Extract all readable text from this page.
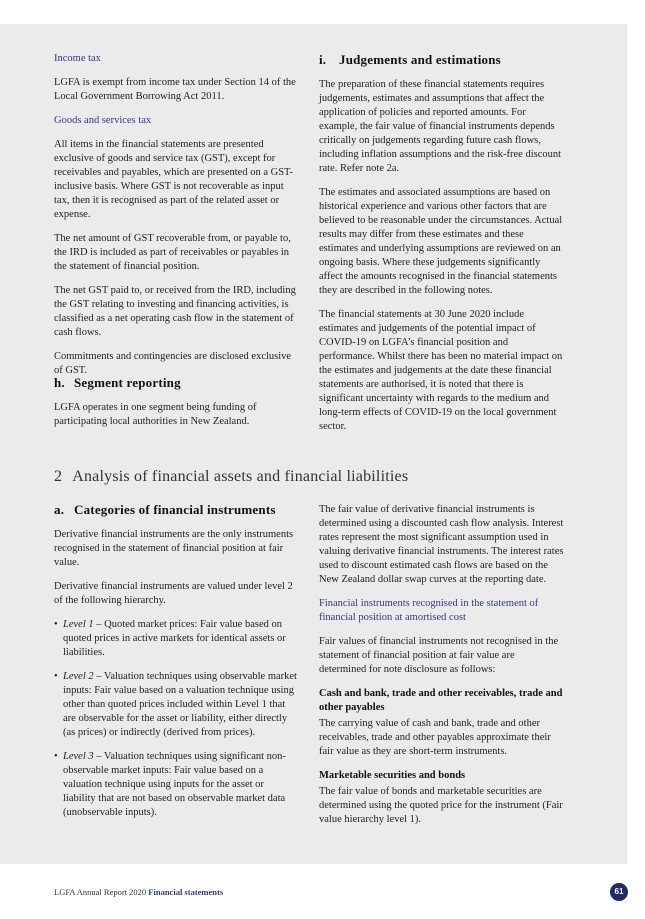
Income tax

LGFA is exempt from income tax under Section 14 of the Local Government Borrowing Act 2011.

Goods and services tax

All items in the financial statements are presented exclusive of goods and service tax (GST), except for receivables and payables, which are presented on a GST-inclusive basis. Where GST is not recoverable as input tax, then it is recognised as part of the related asset or expense.

The net amount of GST recoverable from, or payable to, the IRD is included as part of receivables or payables in the statement of financial position.

The net GST paid to, or received from the IRD, including the GST relating to investing and financing activities, is classified as a net operating cash flow in the statement of cash flows.

Commitments and contingencies are disclosed exclusive of GST.

h. Segment reporting

LGFA operates in one segment being funding of participating local authorities in New Zealand.

i. Judgements and estimations

The preparation of these financial statements requires judgements, estimates and assumptions that affect the application of policies and reported amounts. For example, the fair value of financial instruments depends critically on judgements regarding future cash flows, including inflation assumptions and the risk-free discount rate. Refer note 2a.

The estimates and associated assumptions are based on historical experience and various other factors that are believed to be reasonable under the circumstances. Actual results may differ from these estimates and these estimates and underlying assumptions are reviewed on an ongoing basis. Where these judgements significantly affect the amounts recognised in the financial statements they are described in the following notes.

The financial statements at 30 June 2020 include estimates and judgements of the potential impact of COVID-19 on LGFA’s financial position and performance. Whilst there has been no material impact on the estimates and judgements at the date these financial statements are authorised, it is noted that there is significant uncertainty with regards to the medium and long-term effects of COVID-19 on the local government sector.

2 Analysis of financial assets and financial liabilities
a. Categories of financial instruments

Derivative financial instruments are the only instruments recognised in the statement of financial position at fair value.

Derivative financial instruments are valued under level 2 of the following hierarchy.

• Level 1 – Quoted market prices: Fair value based on quoted prices in active markets for identical assets or liabilities.
• Level 2 – Valuation techniques using observable market inputs: Fair value based on a valuation technique using other than quoted prices included within Level 1 that are observable for the asset or liability, either directly (as prices) or indirectly (derived from prices).
• Level 3 – Valuation techniques using significant non-observable market inputs: Fair value based on a valuation technique using inputs for the asset or liability that are not based on observable market data (unobservable inputs).

The fair value of derivative financial instruments is determined using a discounted cash flow analysis. Interest rates represent the most significant assumption used in valuing derivative financial instruments. The interest rates used to discount estimated cash flows are based on the New Zealand dollar swap curves at the reporting date.

Financial instruments recognised in the statement of financial position at amortised cost

Fair values of financial instruments not recognised in the statement of financial position at fair value are determined for note disclosure as follows:

Cash and bank, trade and other receivables, trade and other payables

The carrying value of cash and bank, trade and other receivables, trade and other payables approximate their fair value as they are short-term instruments.

Marketable securities and bonds

The fair value of bonds and marketable securities are determined using the quoted price for the instrument (Fair value hierarchy level 1).

LGFA Annual Report 2020 Financial statements	61
